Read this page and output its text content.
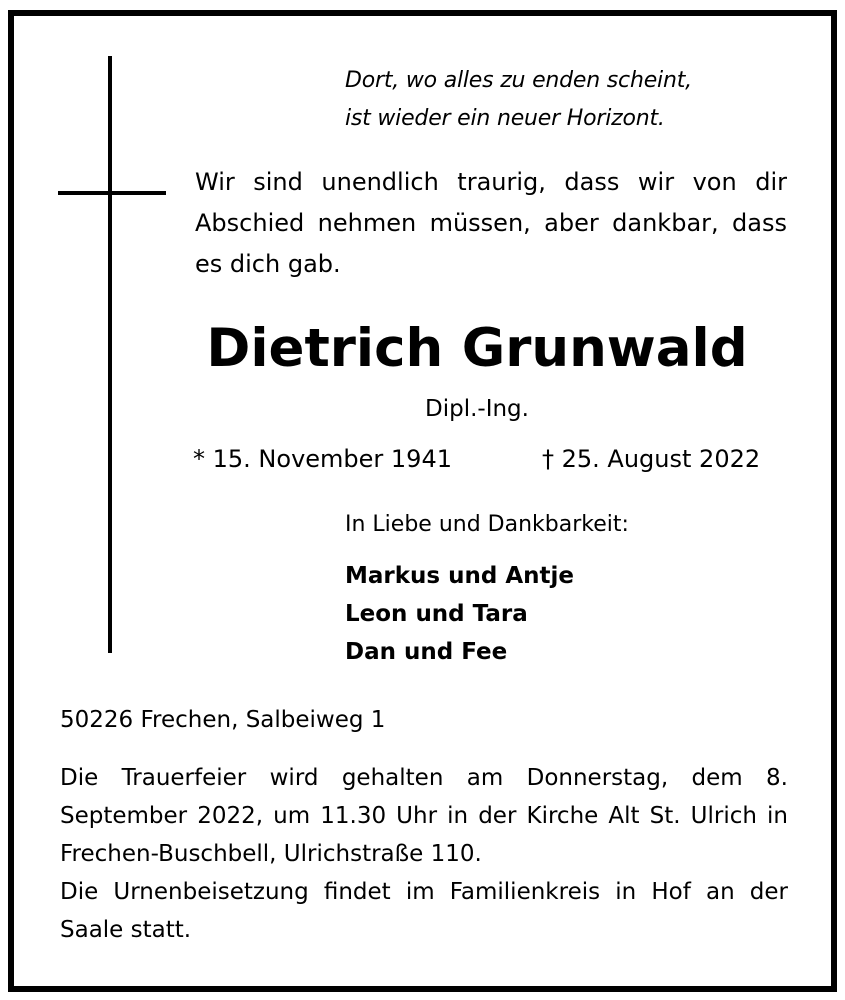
Dort, wo alles zu enden scheint,
ist wieder ein neuer Horizont.
Wir sind unendlich traurig, dass wir von dir Abschied nehmen müssen, aber dankbar, dass es dich gab.
Dietrich Grunwald
Dipl.-Ing.
* 15. November 1941	† 25. August 2022
In Liebe und Dankbarkeit:
Markus und Antje
Leon und Tara
Dan und Fee
50226 Frechen, Salbeiweg 1

Die Trauerfeier wird gehalten am Donnerstag, dem 8. September 2022, um 11.30 Uhr in der Kirche Alt St. Ulrich in Frechen-Buschbell, Ulrichstraße 110.

Die Urnenbeisetzung findet im Familienkreis in Hof an der Saale statt.
